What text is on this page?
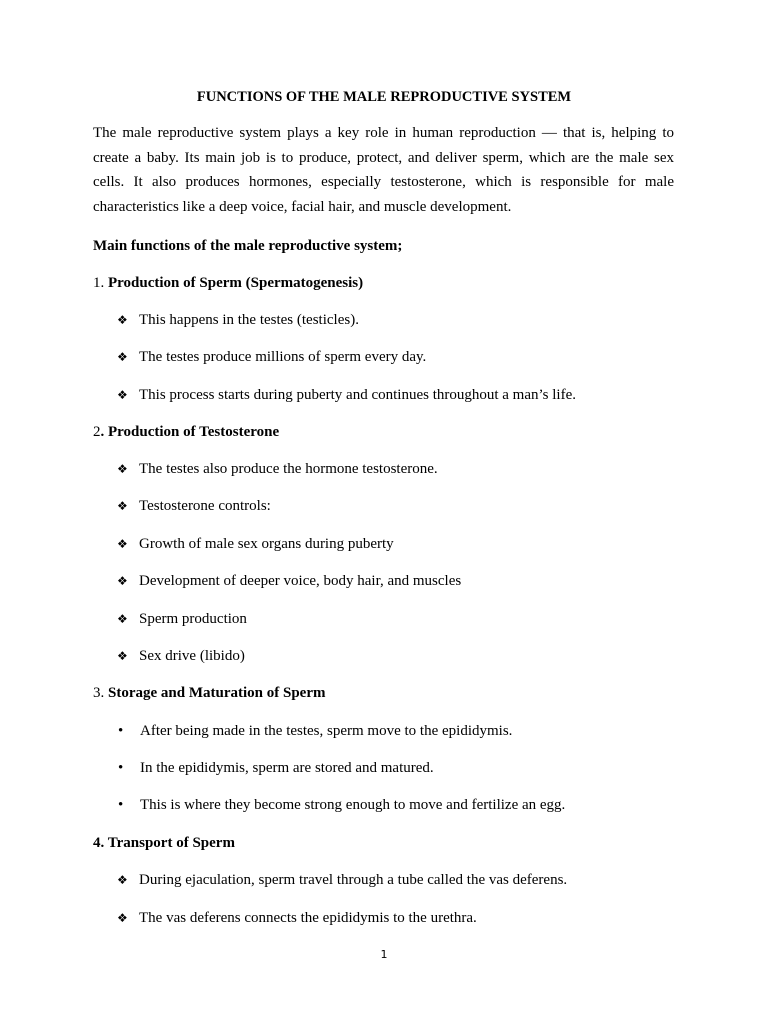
FUNCTIONS OF THE MALE REPRODUCTIVE SYSTEM
The male reproductive system plays a key role in human reproduction — that is, helping to create a baby. Its main job is to produce, protect, and deliver sperm, which are the male sex cells. It also produces hormones, especially testosterone, which is responsible for male characteristics like a deep voice, facial hair, and muscle development.
Main functions of the male reproductive system;
1. Production of Sperm (Spermatogenesis)
❖ This happens in the testes (testicles).
❖ The testes produce millions of sperm every day.
❖ This process starts during puberty and continues throughout a man’s life.
2. Production of Testosterone
❖ The testes also produce the hormone testosterone.
❖ Testosterone controls:
❖ Growth of male sex organs during puberty
❖ Development of deeper voice, body hair, and muscles
❖ Sperm production
❖ Sex drive (libido)
3. Storage and Maturation of Sperm
• After being made in the testes, sperm move to the epididymis.
• In the epididymis, sperm are stored and matured.
• This is where they become strong enough to move and fertilize an egg.
4. Transport of Sperm
❖ During ejaculation, sperm travel through a tube called the vas deferens.
❖ The vas deferens connects the epididymis to the urethra.
1
